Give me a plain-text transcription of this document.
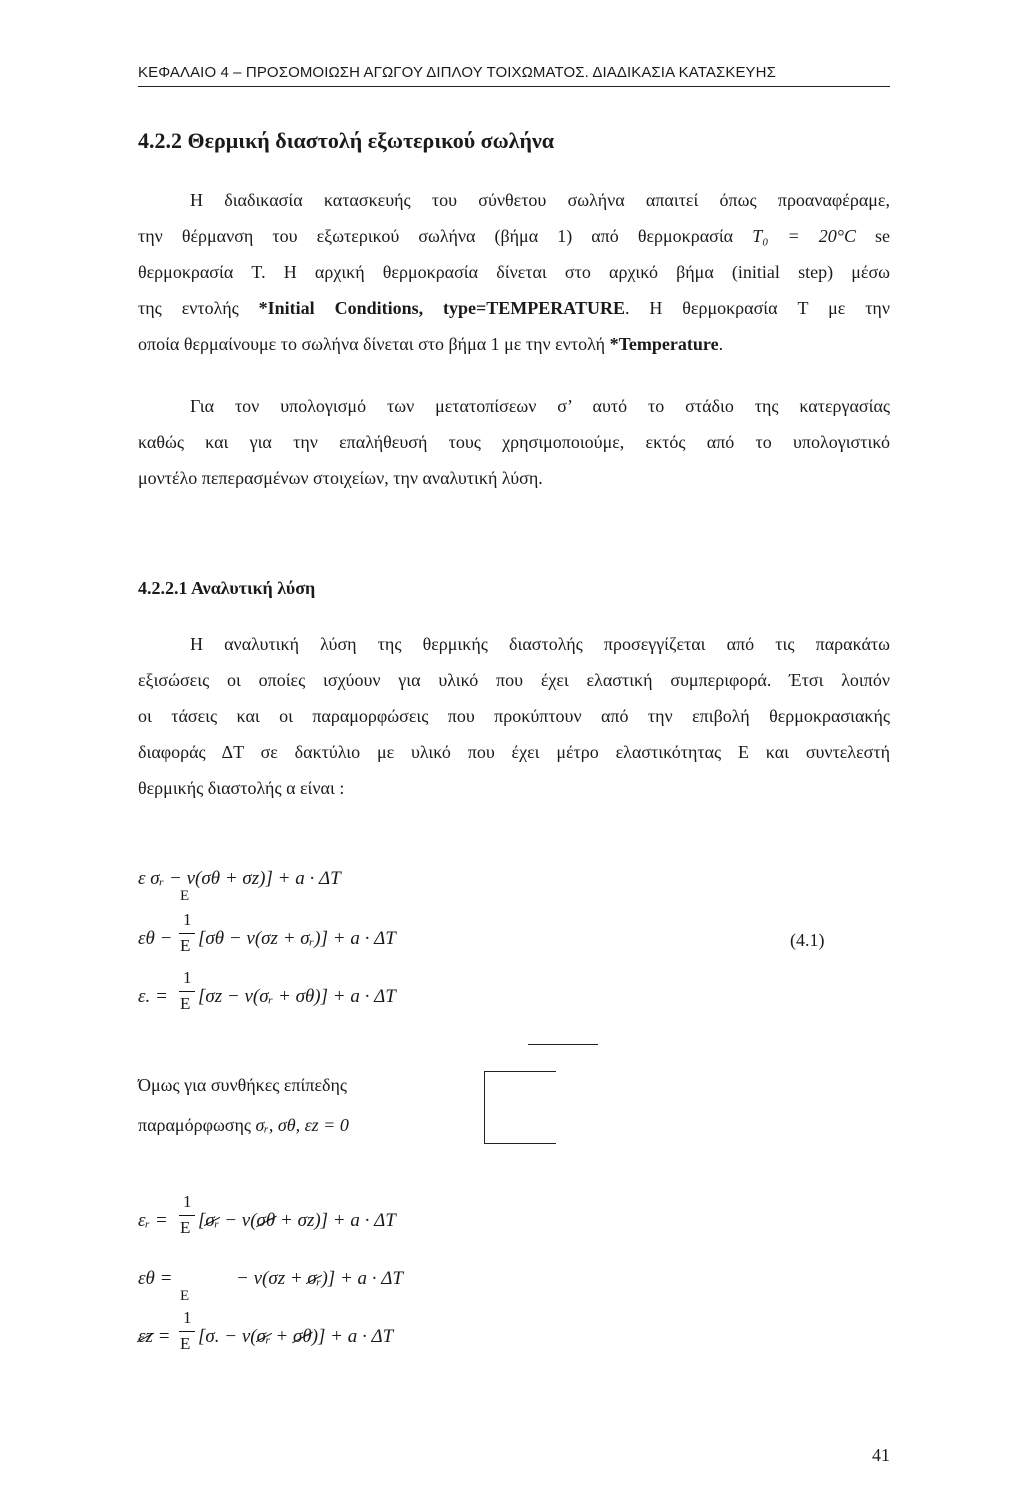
ΚΕΦΑΛΑΙΟ 4 – ΠΡΟΣΟΜΟΙΩΣΗ ΑΓΩΓΟΥ ΔΙΠΛΟΥ ΤΟΙΧΩΜΑΤΟΣ. ΔΙΑΔΙΚΑΣΙΑ ΚΑΤΑΣΚΕΥΗΣ
4.2.2 Θερμική διαστολή εξωτερικού σωλήνα
Η διαδικασία κατασκευής του σύνθετου σωλήνα απαιτεί όπως προαναφέραμε,
την θέρμανση του εξωτερικού σωλήνα (βήμα 1) από θερμοκρασία T₀ = 20°C se
θερμοκρασία T. Η αρχική θερμοκρασία δίνεται στο αρχικό βήμα (initial step) μέσω
της εντολής *Initial Conditions, type=TEMPERATURE. Η θερμοκρασία T με την
οποία θερμαίνουμε το σωλήνα δίνεται στο βήμα 1 με την εντολή *Temperature.
Για τον υπολογισμό των μετατοπίσεων σ’ αυτό το στάδιο της κατεργασίας
καθώς και για την επαλήθευσή τους χρησιμοποιούμε, εκτός από το υπολογιστικό
μοντέλο πεπερασμένων στοιχείων, την αναλυτική λύση.
4.2.2.1 Αναλυτική λύση
Η αναλυτική λύση της θερμικής διαστολής προσεγγίζεται από τις παρακάτω
εξισώσεις οι οποίες ισχύουν για υλικό που έχει ελαστική συμπεριφορά. Έτσι λοιπόν
οι τάσεις και οι παραμορφώσεις που προκύπτουν από την επιβολή θερμοκρασιακής
διαφοράς ΔT σε δακτύλιο με υλικό που έχει μέτρο ελαστικότητας Ε και συντελεστή
θερμικής διαστολής α είναι :
ε σᵣ − ν(σθ + σz)] + a · ΔT
E
εθ −
1
E [σθ − ν(σz + σᵣ)] + a · ΔT	(4.1)
ε. =
1
E [σz − ν(σᵣ + σθ)] + a · ΔT
Όμως για συνθήκες επίπεδης
παραμόρφωσης σᵣ, σθ, εz = 0
εᵣ =
1
E [σᵣ − ν(σθ + σz)] + a · ΔT
εθ =
E
− ν(σz + σᵣ)] + a · ΔT
εz =
1
E [σ. − ν(σᵣ + σθ)] + a · ΔT
41
